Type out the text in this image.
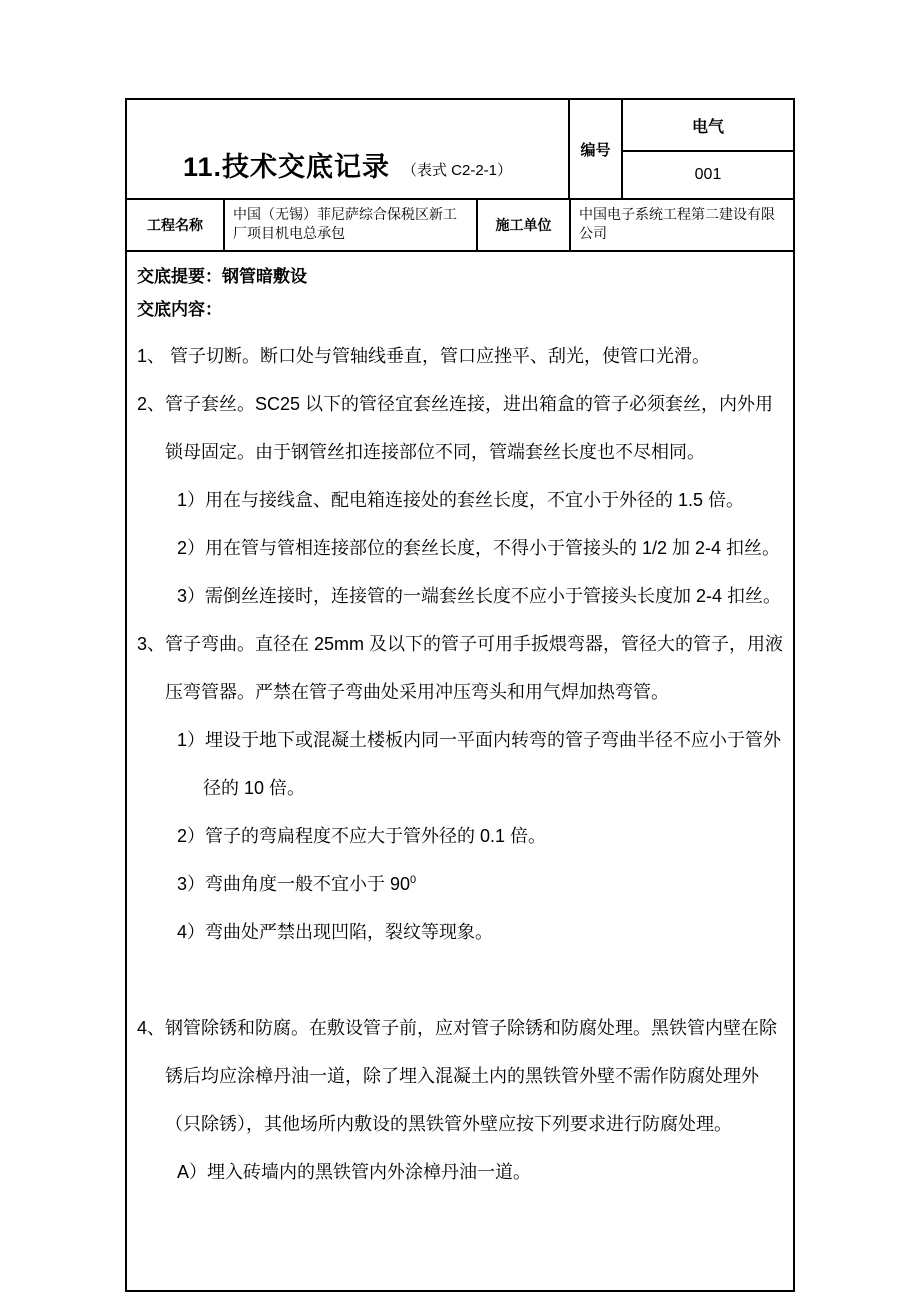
11.技术交底记录 （表式 C2-2-1）
编号
电气
001
工程名称
中国（无锡）菲尼萨综合保税区新工厂项目机电总承包
施工单位
中国电子系统工程第二建设有限公司

交底提要：钢管暗敷设

交底内容：

1、 管子切断。断口处与管轴线垂直，管口应挫平、刮光，使管口光滑。

2、管子套丝。SC25 以下的管径宜套丝连接，进出箱盒的管子必须套丝，内外用锁母固定。由于钢管丝扣连接部位不同，管端套丝长度也不尽相同。

1）用在与接线盒、配电箱连接处的套丝长度，不宜小于外径的 1.5 倍。

2）用在管与管相连接部位的套丝长度，不得小于管接头的 1/2 加 2-4 扣丝。

3）需倒丝连接时，连接管的一端套丝长度不应小于管接头长度加 2-4 扣丝。

3、管子弯曲。直径在 25mm 及以下的管子可用手扳煨弯器，管径大的管子，用液压弯管器。严禁在管子弯曲处采用冲压弯头和用气焊加热弯管。

1）埋设于地下或混凝土楼板内同一平面内转弯的管子弯曲半径不应小于管外径的 10 倍。

2）管子的弯扁程度不应大于管外径的 0.1 倍。

3）弯曲角度一般不宜小于 $90^0$

4）弯曲处严禁出现凹陷，裂纹等现象。

4、钢管除锈和防腐。在敷设管子前，应对管子除锈和防腐处理。黑铁管内壁在除锈后均应涂樟丹油一道，除了埋入混凝土内的黑铁管外壁不需作防腐处理外（只除锈），其他场所内敷设的黑铁管外壁应按下列要求进行防腐处理。

A）埋入砖墙内的黑铁管内外涂樟丹油一道。
